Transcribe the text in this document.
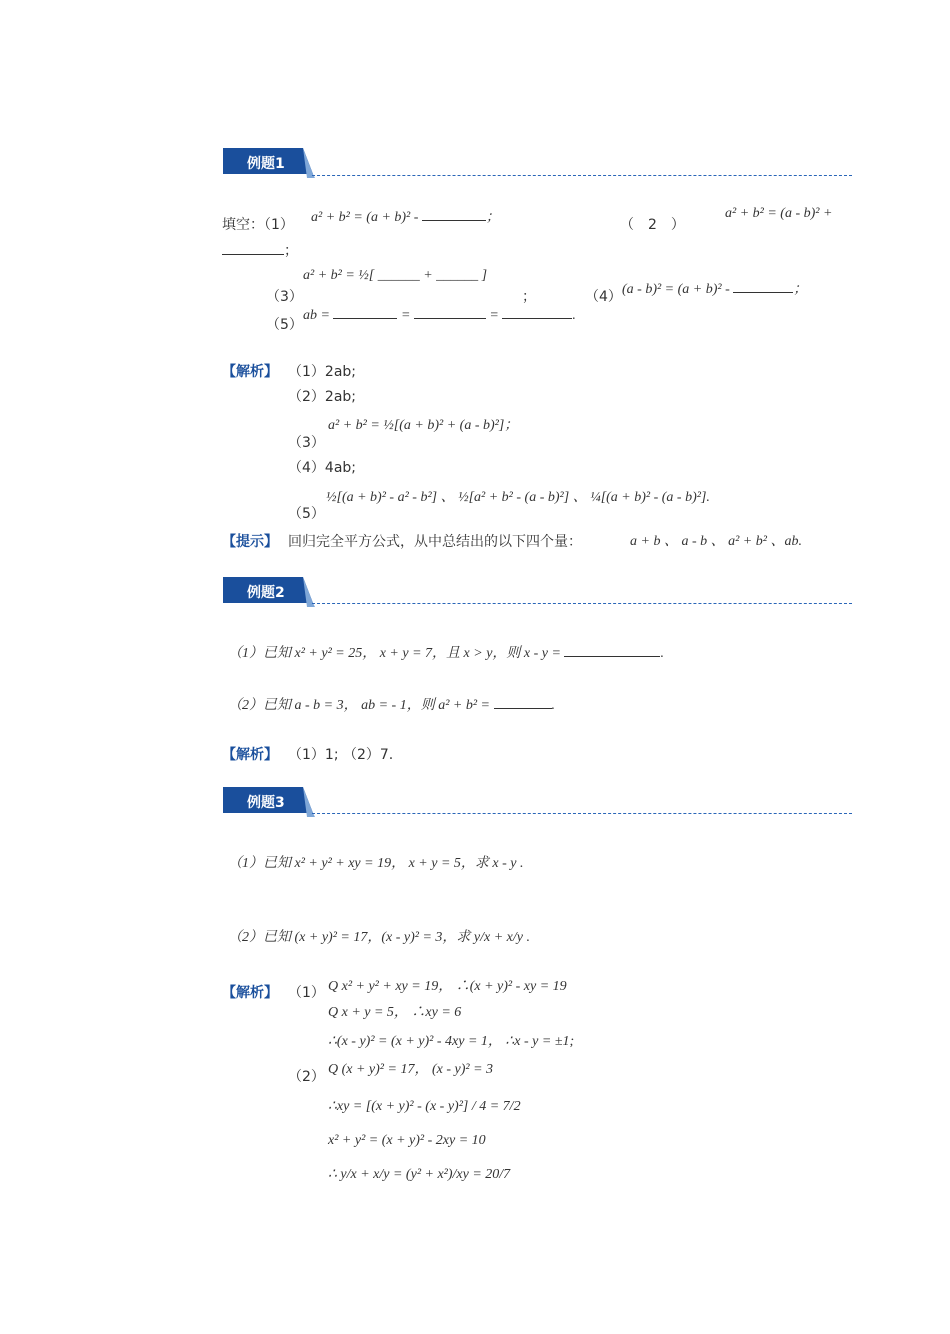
例题1
填空：（1） a² + b² = (a + b)² -	；	（　2　）
a² + b² = (a - b)² +
；
（3）
a² + b² = ½[ ______ + ______ ]
；	（4） (a - b)² = (a + b)² -	；
（5）
ab =	=	=	.
【解析】 （1）2ab;
（2）2ab;
（3）
a² + b² = ½[(a + b)² + (a - b)²]；
（4）4ab;
（5）
½[(a + b)² - a² - b²] 、 ½[a² + b² - (a - b)²] 、 ¼[(a + b)² - (a - b)²].
【提示】 回归完全平方公式，从中总结出的以下四个量：	a + b 、 a - b 、 a² + b² 、ab.
例题2
（1）已知 x² + y² = 25， x + y = 7，且 x > y，则 x - y =	.
（2）已知 a - b = 3， ab = - 1，则 a² + b² =	.
【解析】 （1）1; （2）7.
例题3
（1）已知 x² + y² + xy = 19， x + y = 5，求 x - y .
（2）已知 (x + y)² = 17，(x - y)² = 3，求 y/x + x/y .
【解析】 （1） Q x² + y² + xy = 19， ∴(x + y)² - xy = 19
Q x + y = 5， ∴xy = 6
∴(x - y)² = (x + y)² - 4xy = 1， ∴x - y = ±1;
（2） Q (x + y)² = 17， (x - y)² = 3
∴xy = [(x + y)² - (x - y)²] / 4 = 7/2
x² + y² = (x + y)² - 2xy = 10
∴ y/x + x/y = (y² + x²)/xy = 20/7
